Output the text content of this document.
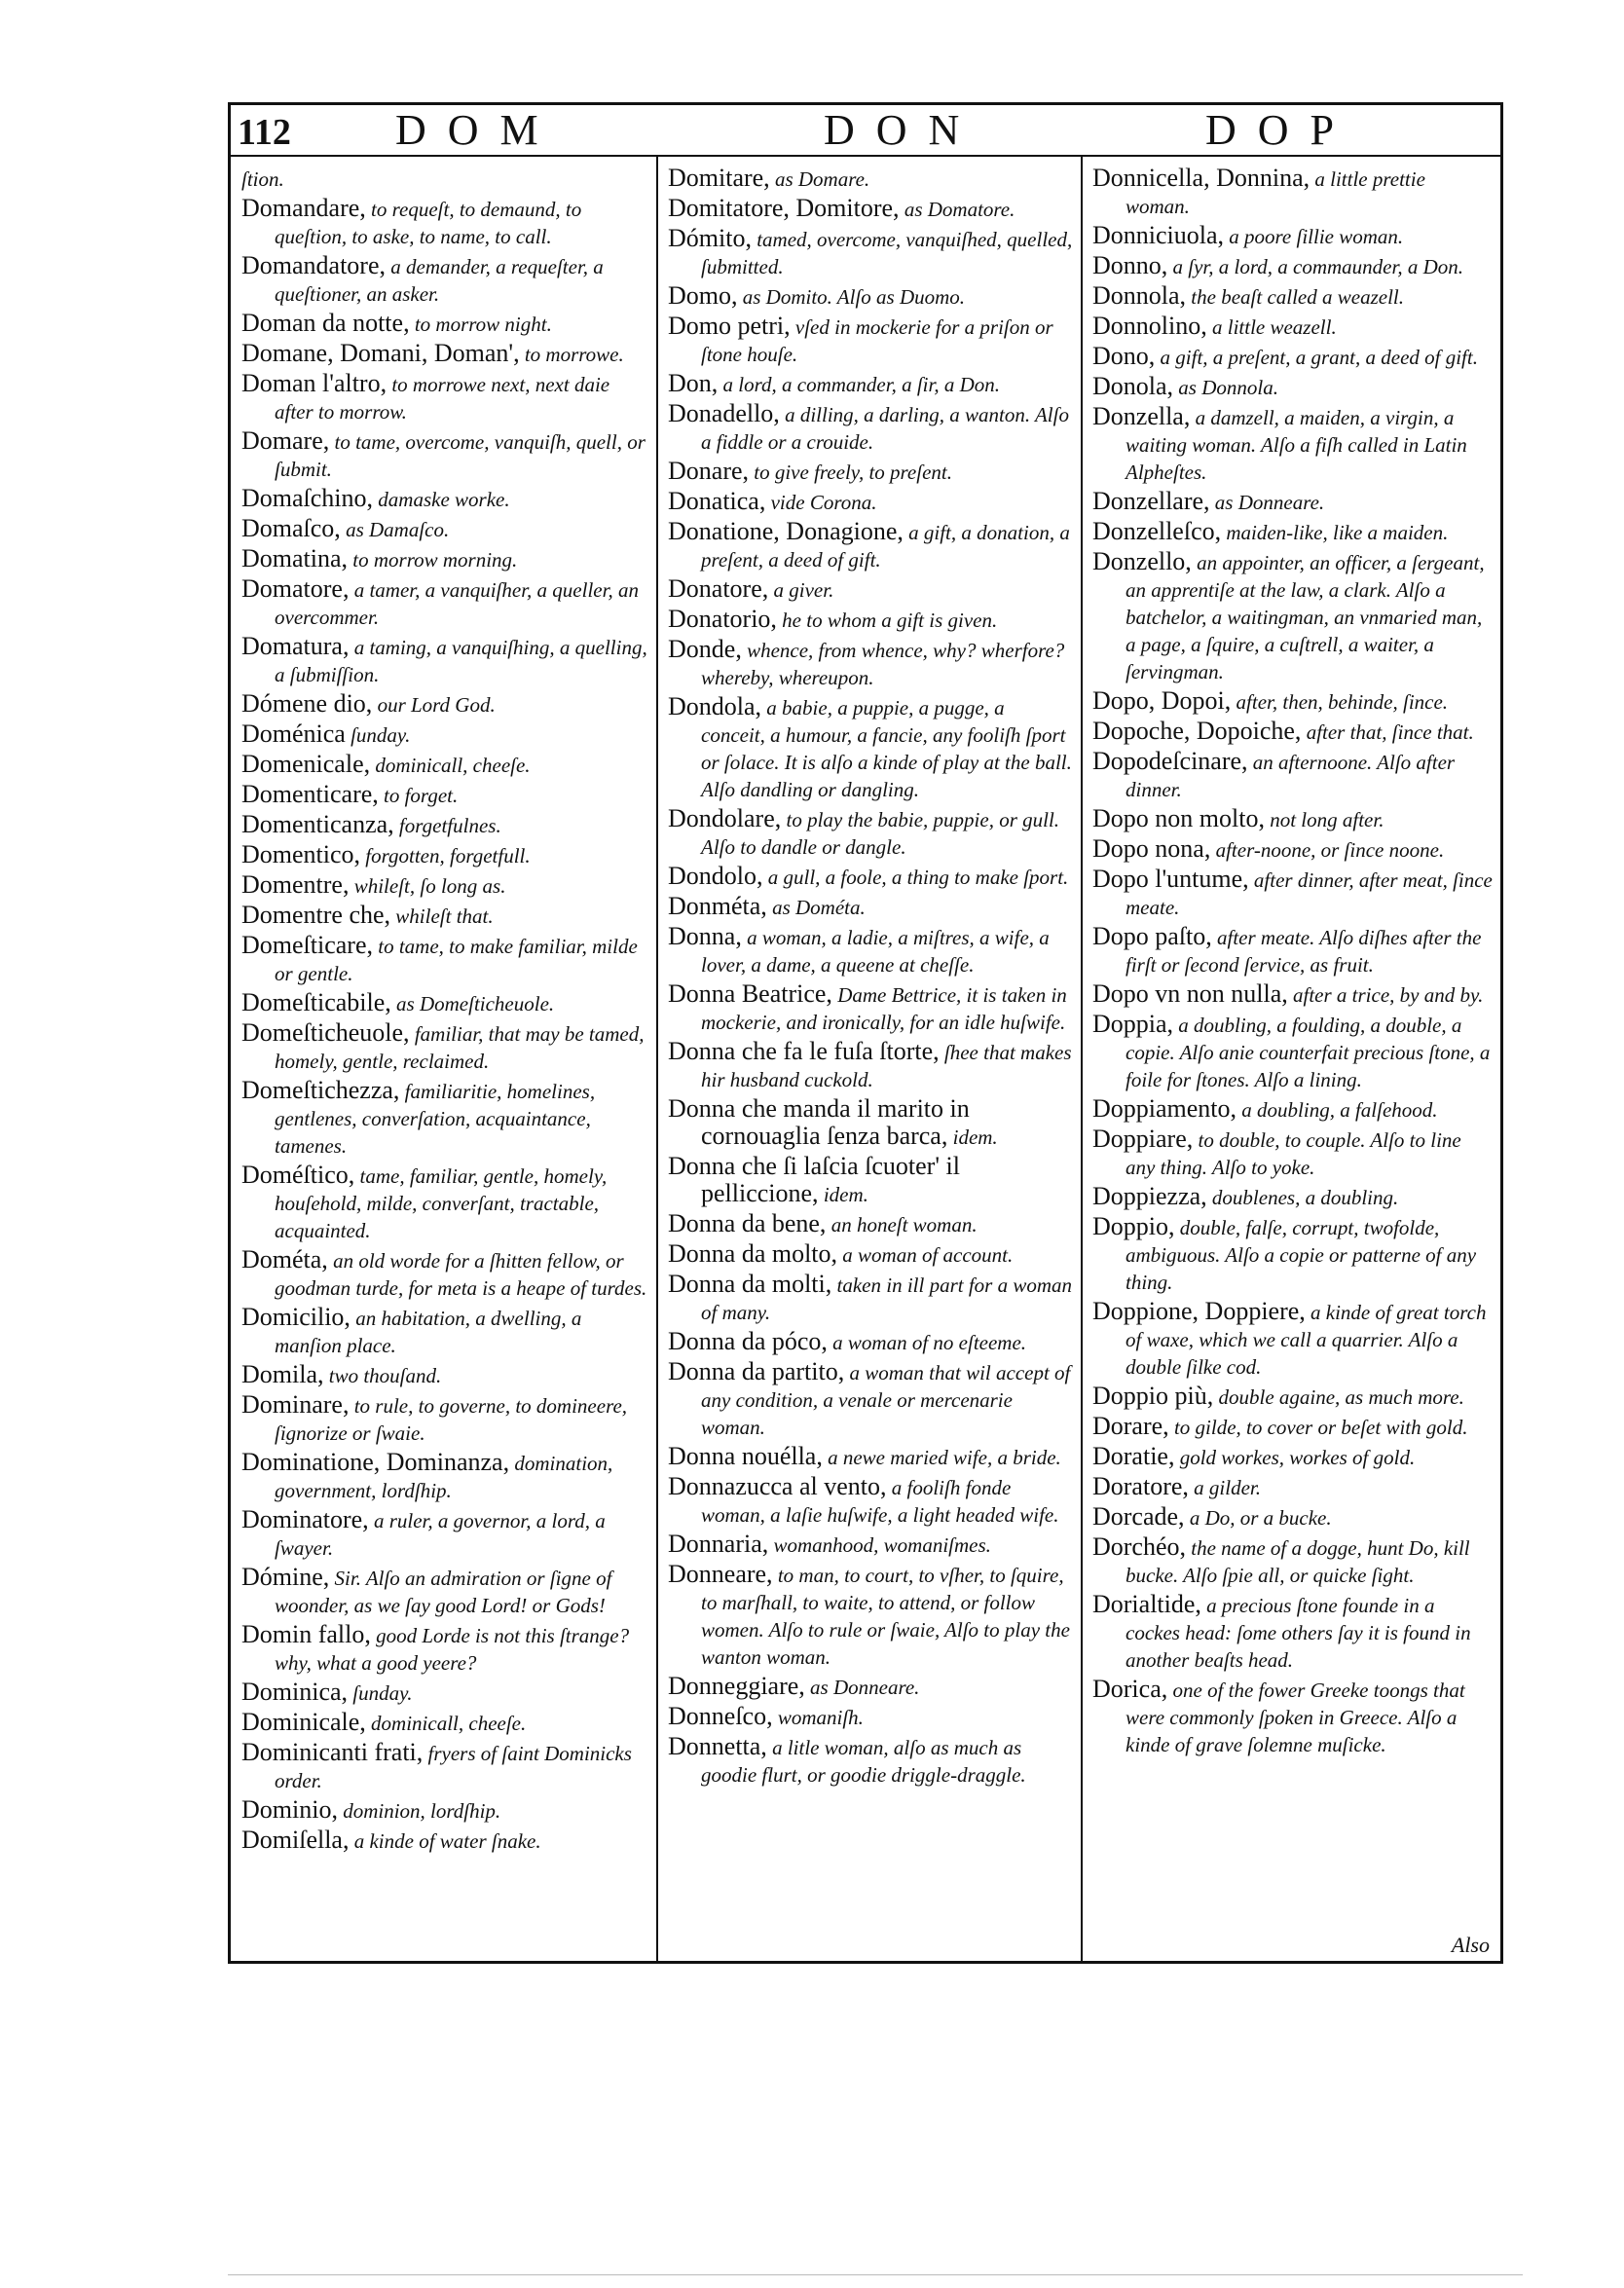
112 DOM	DON	DOP
ſtion.
Domandare, to requeſt, to demaund, to queſtion, to aske, to name, to call.
Domandatore, a demander, a requeſter, a queſtioner, an asker.
Doman da notte, to morrow night.
Domane, Domani, Doman', to morrowe.
Doman l'altro, to morrowe next, next daie after to morrow.
Domare, to tame, overcome, vanquiſh, quell, or ſubmit.
Domaſchino, damaske worke.
Domaſco, as Damaſco.
Domatina, to morrow morning.
Domatore, a tamer, a vanquiſher, a queller, an overcommer.
Domatura, a taming, a vanquiſhing, a quelling, a ſubmiſſion.
Dómene dio, our Lord God.
Doménica ſunday.
Domenicale, dominicall, cheeſe.
Domenticare, to forget.
Domenticanza, forgetfulnes.
Domentico, forgotten, forgetfull.
Domentre, whileſt, ſo long as.
Domentre che, whileſt that.
Domeſticare, to tame, to make familiar, milde or gentle.
Domeſticabile, as Domeſticheuole.
Domeſticheuole, familiar, that may be tamed, homely, gentle, reclaimed.
Domeſtichezza, familiaritie, homelines, gentlenes, converſation, acquaintance, tamenes.
Doméſtico, tame, familiar, gentle, homely, houſehold, milde, converſant, tractable, acquainted.
Dométa, an old worde for a ſhitten fellow, or goodman turde, for meta is a heape of turdes.
Domicilio, an habitation, a dwelling, a manſion place.
Domila, two thouſand.
Dominare, to rule, to governe, to domineere, ſignorize or ſwaie.
Dominatione, Dominanza, domination, government, lordſhip.
Dominatore, a ruler, a governor, a lord, a ſwayer.
Dómine, Sir. Alſo an admiration or ſigne of woonder, as we ſay good Lord! or Gods!
Domin fallo, good Lorde is not this ſtrange? why, what a good yeere?
Dominica, ſunday.
Dominicale, dominicall, cheeſe.
Dominicanti frati, fryers of ſaint Dominicks order.
Dominio, dominion, lordſhip.
Domiſella, a kinde of water ſnake.
Domitare, as Domare.
Domitatore, Domitore, as Domatore.
Dómito, tamed, overcome, vanquiſhed, quelled, ſubmitted.
Domo, as Domito. Alſo as Duomo.
Domo petri, vſed in mockerie for a priſon or ſtone houſe.
Don, a lord, a commander, a ſir, a Don.
Donadello, a dilling, a darling, a wanton. Alſo a fiddle or a crouide.
Donare, to give freely, to preſent.
Donatica, vide Corona.
Donatione, Donagione, a gift, a donation, a preſent, a deed of gift.
Donatore, a giver.
Donatorio, he to whom a gift is given.
Donde, whence, from whence, why? wherfore? whereby, whereupon.
Dondola, a babie, a puppie, a pugge, a conceit, a humour, a fancie, any fooliſh ſport or ſolace. It is alſo a kinde of play at the ball. Alſo dandling or dangling.
Dondolare, to play the babie, puppie, or gull. Alſo to dandle or dangle.
Dondolo, a gull, a foole, a thing to make ſport.
Donméta, as Dométa.
Donna, a woman, a ladie, a miſtres, a wife, a lover, a dame, a queene at cheſſe.
Donna Beatrice, Dame Bettrice, it is taken in mockerie, and ironically, for an idle huſwife.
Donna che fa le fuſa ſtorte, ſhee that makes hir husband cuckold.
Donna che manda il marito in cornouaglia ſenza barca, idem.
Donna che ſi laſcia ſcuoter' il pelliccione, idem.
Donna da bene, an honeſt woman.
Donna da molto, a woman of account.
Donna da molti, taken in ill part for a woman of many.
Donna da póco, a woman of no eſteeme.
Donna da partito, a woman that wil accept of any condition, a venale or mercenarie woman.
Donna nouélla, a newe maried wife, a bride.
Donnazucca al vento, a fooliſh fonde woman, a laſie huſwife, a light headed wife.
Donnaria, womanhood, womaniſmes.
Donneare, to man, to court, to vſher, to ſquire, to marſhall, to waite, to attend, or follow women. Alſo to rule or ſwaie, Alſo to play the wanton woman.
Donneggiare, as Donneare.
Donneſco, womaniſh.
Donnetta, a litle woman, alſo as much as goodie flurt, or goodie driggle-draggle.
Donnicella, Donnina, a little prettie woman.
Donniciuola, a poore ſillie woman.
Donno, a ſyr, a lord, a commaunder, a Don.
Donnola, the beaſt called a weazell.
Donnolino, a little weazell.
Dono, a gift, a preſent, a grant, a deed of gift.
Donola, as Donnola.
Donzella, a damzell, a maiden, a virgin, a waiting woman. Alſo a fiſh called in Latin Alpheſtes.
Donzellare, as Donneare.
Donzelleſco, maiden-like, like a maiden.
Donzello, an appointer, an officer, a ſergeant, an apprentiſe at the law, a clark. Alſo a batchelor, a waitingman, an vnmaried man, a page, a ſquire, a cuſtrell, a waiter, a ſervingman.
Dopo, Dopoi, after, then, behinde, ſince.
Dopoche, Dopoiche, after that, ſince that.
Dopodeſcinare, an afternoone. Alſo after dinner.
Dopo non molto, not long after.
Dopo nona, after-noone, or ſince noone.
Dopo l'untume, after dinner, after meat, ſince meate.
Dopo paſto, after meate. Alſo diſhes after the firſt or ſecond ſervice, as fruit.
Dopo vn non nulla, after a trice, by and by.
Doppia, a doubling, a foulding, a double, a copie. Alſo anie counterfait precious ſtone, a foile for ſtones. Alſo a lining.
Doppiamento, a doubling, a falſehood.
Doppiare, to double, to couple. Alſo to line any thing. Alſo to yoke.
Doppiezza, doublenes, a doubling.
Doppio, double, falſe, corrupt, twofolde, ambiguous. Alſo a copie or patterne of any thing.
Doppione, Doppiere, a kinde of great torch of waxe, which we call a quarrier. Alſo a double ſilke cod.
Doppio più, double againe, as much more.
Dorare, to gilde, to cover or beſet with gold.
Doratie, gold workes, workes of gold.
Doratore, a gilder.
Dorcade, a Do, or a bucke.
Dorchéo, the name of a dogge, hunt Do, kill bucke. Alſo ſpie all, or quicke ſight.
Dorialtide, a precious ſtone founde in a cockes head: ſome others ſay it is found in another beaſts head.
Dorica, one of the fower Greeke toongs that were commonly ſpoken in Greece. Alſo a kinde of grave ſolemne muſicke.
Also
